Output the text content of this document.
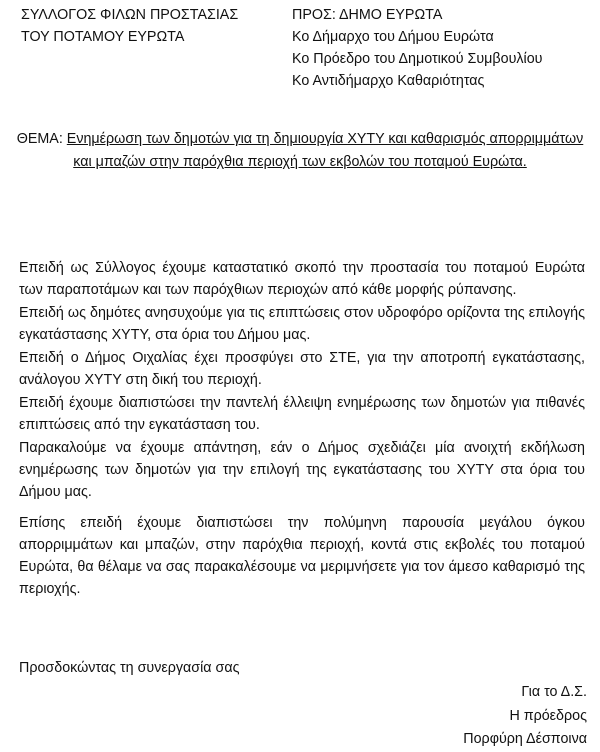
ΣΥΛΛΟΓΟΣ ΦΙΛΩΝ ΠΡΟΣΤΑΣΙΑΣ
ΤΟΥ ΠΟΤΑΜΟΥ ΕΥΡΩΤΑ
ΠΡΟΣ: ΔΗΜΟ ΕΥΡΩΤΑ
Κο Δήμαρχο του Δήμου Ευρώτα
Κο Πρόεδρο του Δημοτικού Συμβουλίου
Κο Αντιδήμαρχο Καθαριότητας
ΘΕΜΑ: Ενημέρωση των δημοτών για τη δημιουργία ΧΥΤΥ και καθαρισμός απορριμμάτων και μπαζών στην παρόχθια περιοχή των εκβολών του ποταμού Ευρώτα.

Επειδή ως Σύλλογος έχουμε καταστατικό σκοπό την προστασία του ποταμού Ευρώτα των παραποτάμων και των παρόχθιων περιοχών από κάθε μορφής ρύπανσης.

Επειδή ως δημότες ανησυχούμε για τις επιπτώσεις στον υδροφόρο ορίζοντα της επιλογής εγκατάστασης ΧΥΤΥ, στα όρια του Δήμου μας.

Επειδή ο Δήμος Οιχαλίας έχει προσφύγει στο ΣΤΕ, για την αποτροπή εγκατάστασης, ανάλογου ΧΥΤΥ στη δική του περιοχή.

Επειδή έχουμε διαπιστώσει την παντελή έλλειψη ενημέρωσης των δημοτών για πιθανές επιπτώσεις από την εγκατάσταση του.

Παρακαλούμε να έχουμε απάντηση, εάν ο Δήμος σχεδιάζει μία ανοιχτή εκδήλωση ενημέρωσης των δημοτών για την επιλογή της εγκατάστασης του ΧΥΤΥ στα όρια του Δήμου μας.

Επίσης επειδή έχουμε διαπιστώσει την πολύμηνη παρουσία μεγάλου όγκου απορριμμάτων και μπαζών, στην παρόχθια περιοχή, κοντά στις εκβολές του ποταμού Ευρώτα, θα θέλαμε να σας παρακαλέσουμε να μεριμνήσετε για τον άμεσο καθαρισμό της περιοχής.

Προσδοκώντας τη συνεργασία σας
Για το Δ.Σ.
Η πρόεδρος
Πορφύρη Δέσποινα
